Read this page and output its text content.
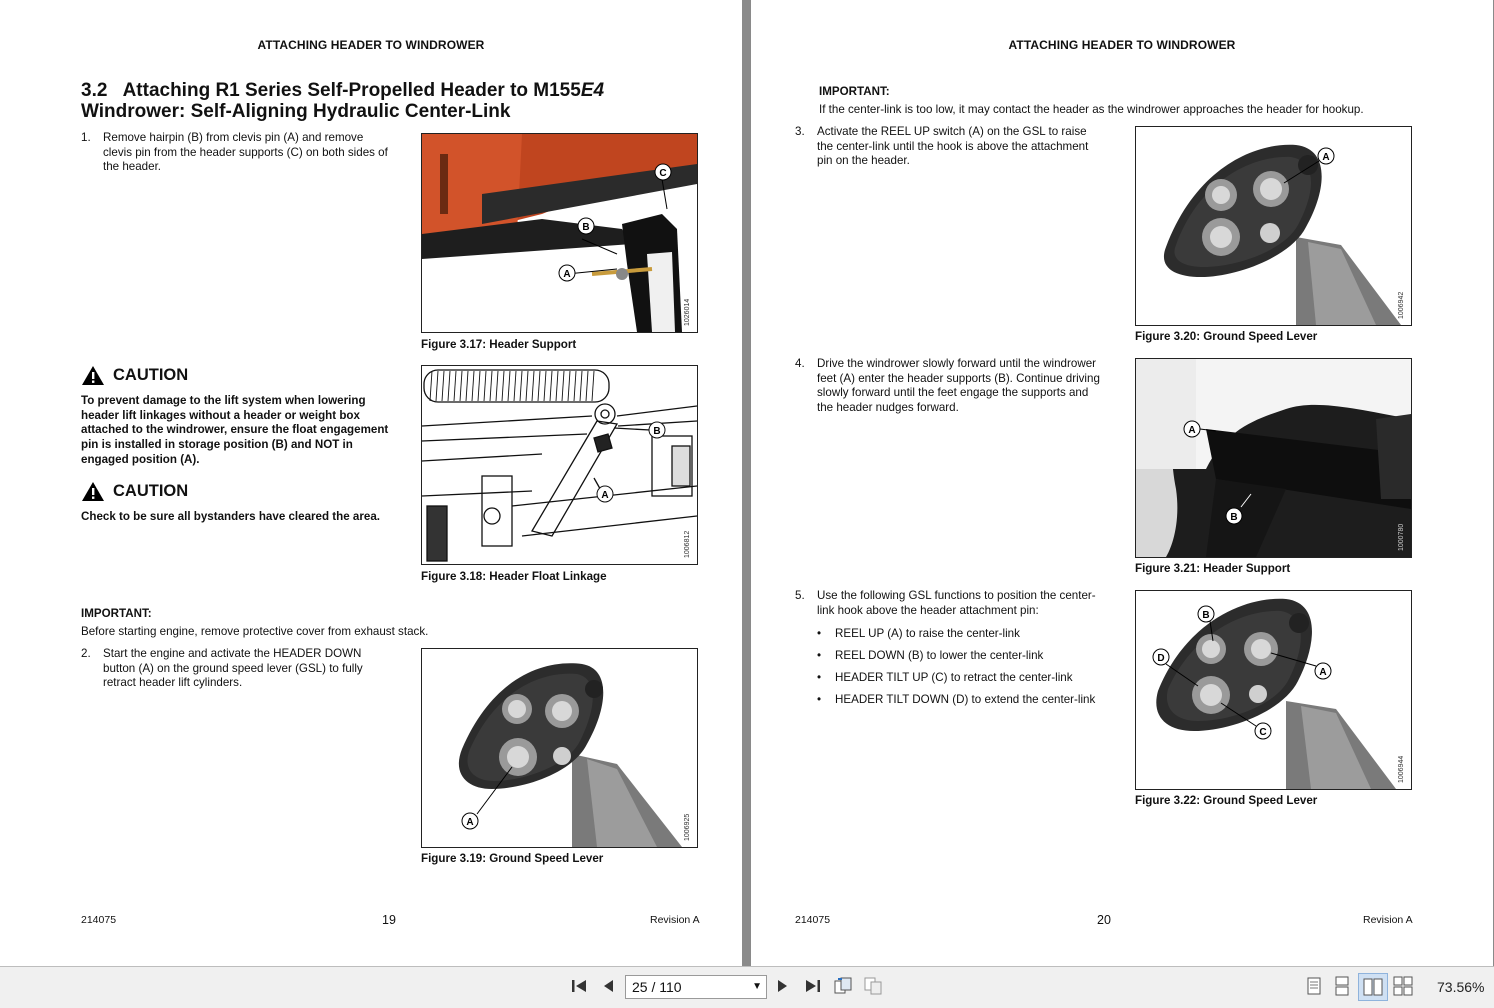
ATTACHING HEADER TO WINDROWER
3.2 Attaching R1 Series Self-Propelled Header to M155E4
Windrower: Self-Aligning Hydraulic Center-Link
1. Remove hairpin (B) from clevis pin (A) and remove
clevis pin from the header supports (C) on both sides of
the header.
B
A
C
1026014
Figure 3.17: Header Support
CAUTION
To prevent damage to the lift system when lowering
header lift linkages without a header or weight box
attached to the windrower, ensure the float engagement
pin is installed in storage position (B) and NOT in
engaged position (A).
CAUTION
Check to be sure all bystanders have cleared the area.
B
A
1006812
Figure 3.18: Header Float Linkage
IMPORTANT:
Before starting engine, remove protective cover from exhaust stack.
2. Start the engine and activate the HEADER DOWN
button (A) on the ground speed lever (GSL) to fully
retract header lift cylinders.
A	1006925
Figure 3.19: Ground Speed Lever
214075	19	Revision A
ATTACHING HEADER TO WINDROWER
IMPORTANT:
If the center-link is too low, it may contact the header as the windrower approaches the header for hookup.
3. Activate the REEL UP switch (A) on the GSL to raise
the center-link until the hook is above the attachment
pin on the header.	A
1006942
Figure 3.20: Ground Speed Lever
4. Drive the windrower slowly forward until the windrower
feet (A) enter the header supports (B). Continue driving
slowly forward until the feet engage the supports and
the header nudges forward.
A
B
1000780
Figure 3.21: Header Support
5. Use the following GSL functions to position the center-
link hook above the header attachment pin:
• REEL UP (A) to raise the center-link
• REEL DOWN (B) to lower the center-link
• HEADER TILT UP (C) to retract the center-link
• HEADER TILT DOWN (D) to extend the center-link
B
A
D
C
1006944
Figure 3.22: Ground Speed Lever
214075	20	Revision A
25 / 110	▼	73.56%
